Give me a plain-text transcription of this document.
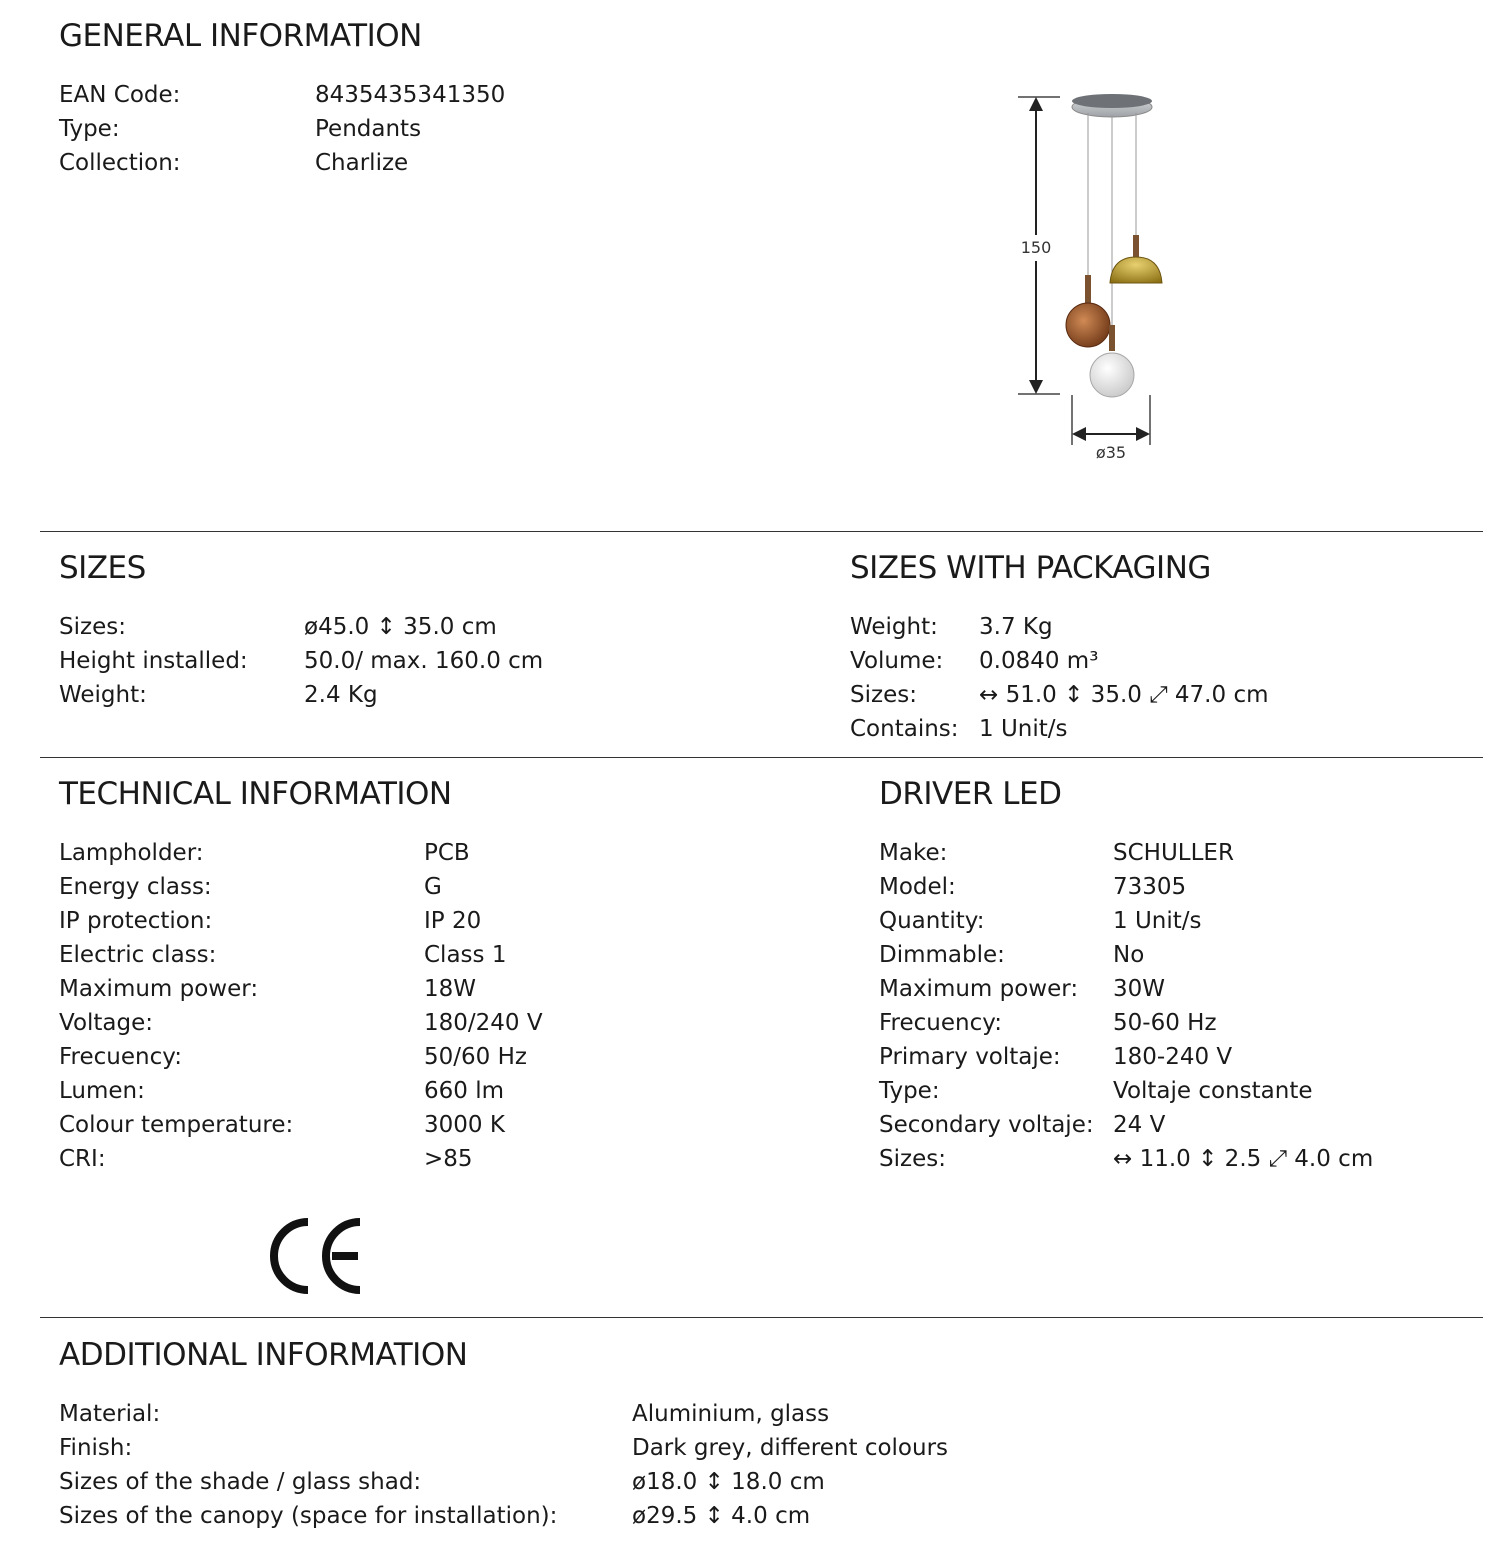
GENERAL INFORMATION
EAN Code:	8435435341350
Type:	Pendants
Collection:	Charlize
150
ø35
SIZES
Sizes:	ø45.0 ↕ 35.0 cm
Height installed: 50.0/ max. 160.0 cm
Weight:	2.4 Kg
SIZES WITH PACKAGING
Weight: 3.7 Kg
Volume: 0.0840 m³
Sizes:	↔ 51.0 ↕ 35.0 ⤢ 47.0 cm
Contains: 1 Unit/s
TECHNICAL INFORMATION
Lampholder:	PCB
Energy class:	G
IP protection:	IP 20
Electric class:	Class 1
Maximum power:	18W
Voltage:	180/240 V
Frecuency:	50/60 Hz
Lumen:	660 lm
Colour temperature:	3000 K
CRI:	>85
DRIVER LED
Make:	SCHULLER
Model:	73305
Quantity:	1 Unit/s
Dimmable:	No
Maximum power: 30W
Frecuency:	50-60 Hz
Primary voltaje: 180-240 V
Type:	Voltaje constante
Secondary voltaje: 24 V
Sizes:	↔ 11.0 ↕ 2.5 ⤢ 4.0 cm
ADDITIONAL INFORMATION
Material:	Aluminium, glass
Finish:	Dark grey, different colours
Sizes of the shade / glass shad:	ø18.0 ↕ 18.0 cm
Sizes of the canopy (space for installation):	ø29.5 ↕ 4.0 cm
